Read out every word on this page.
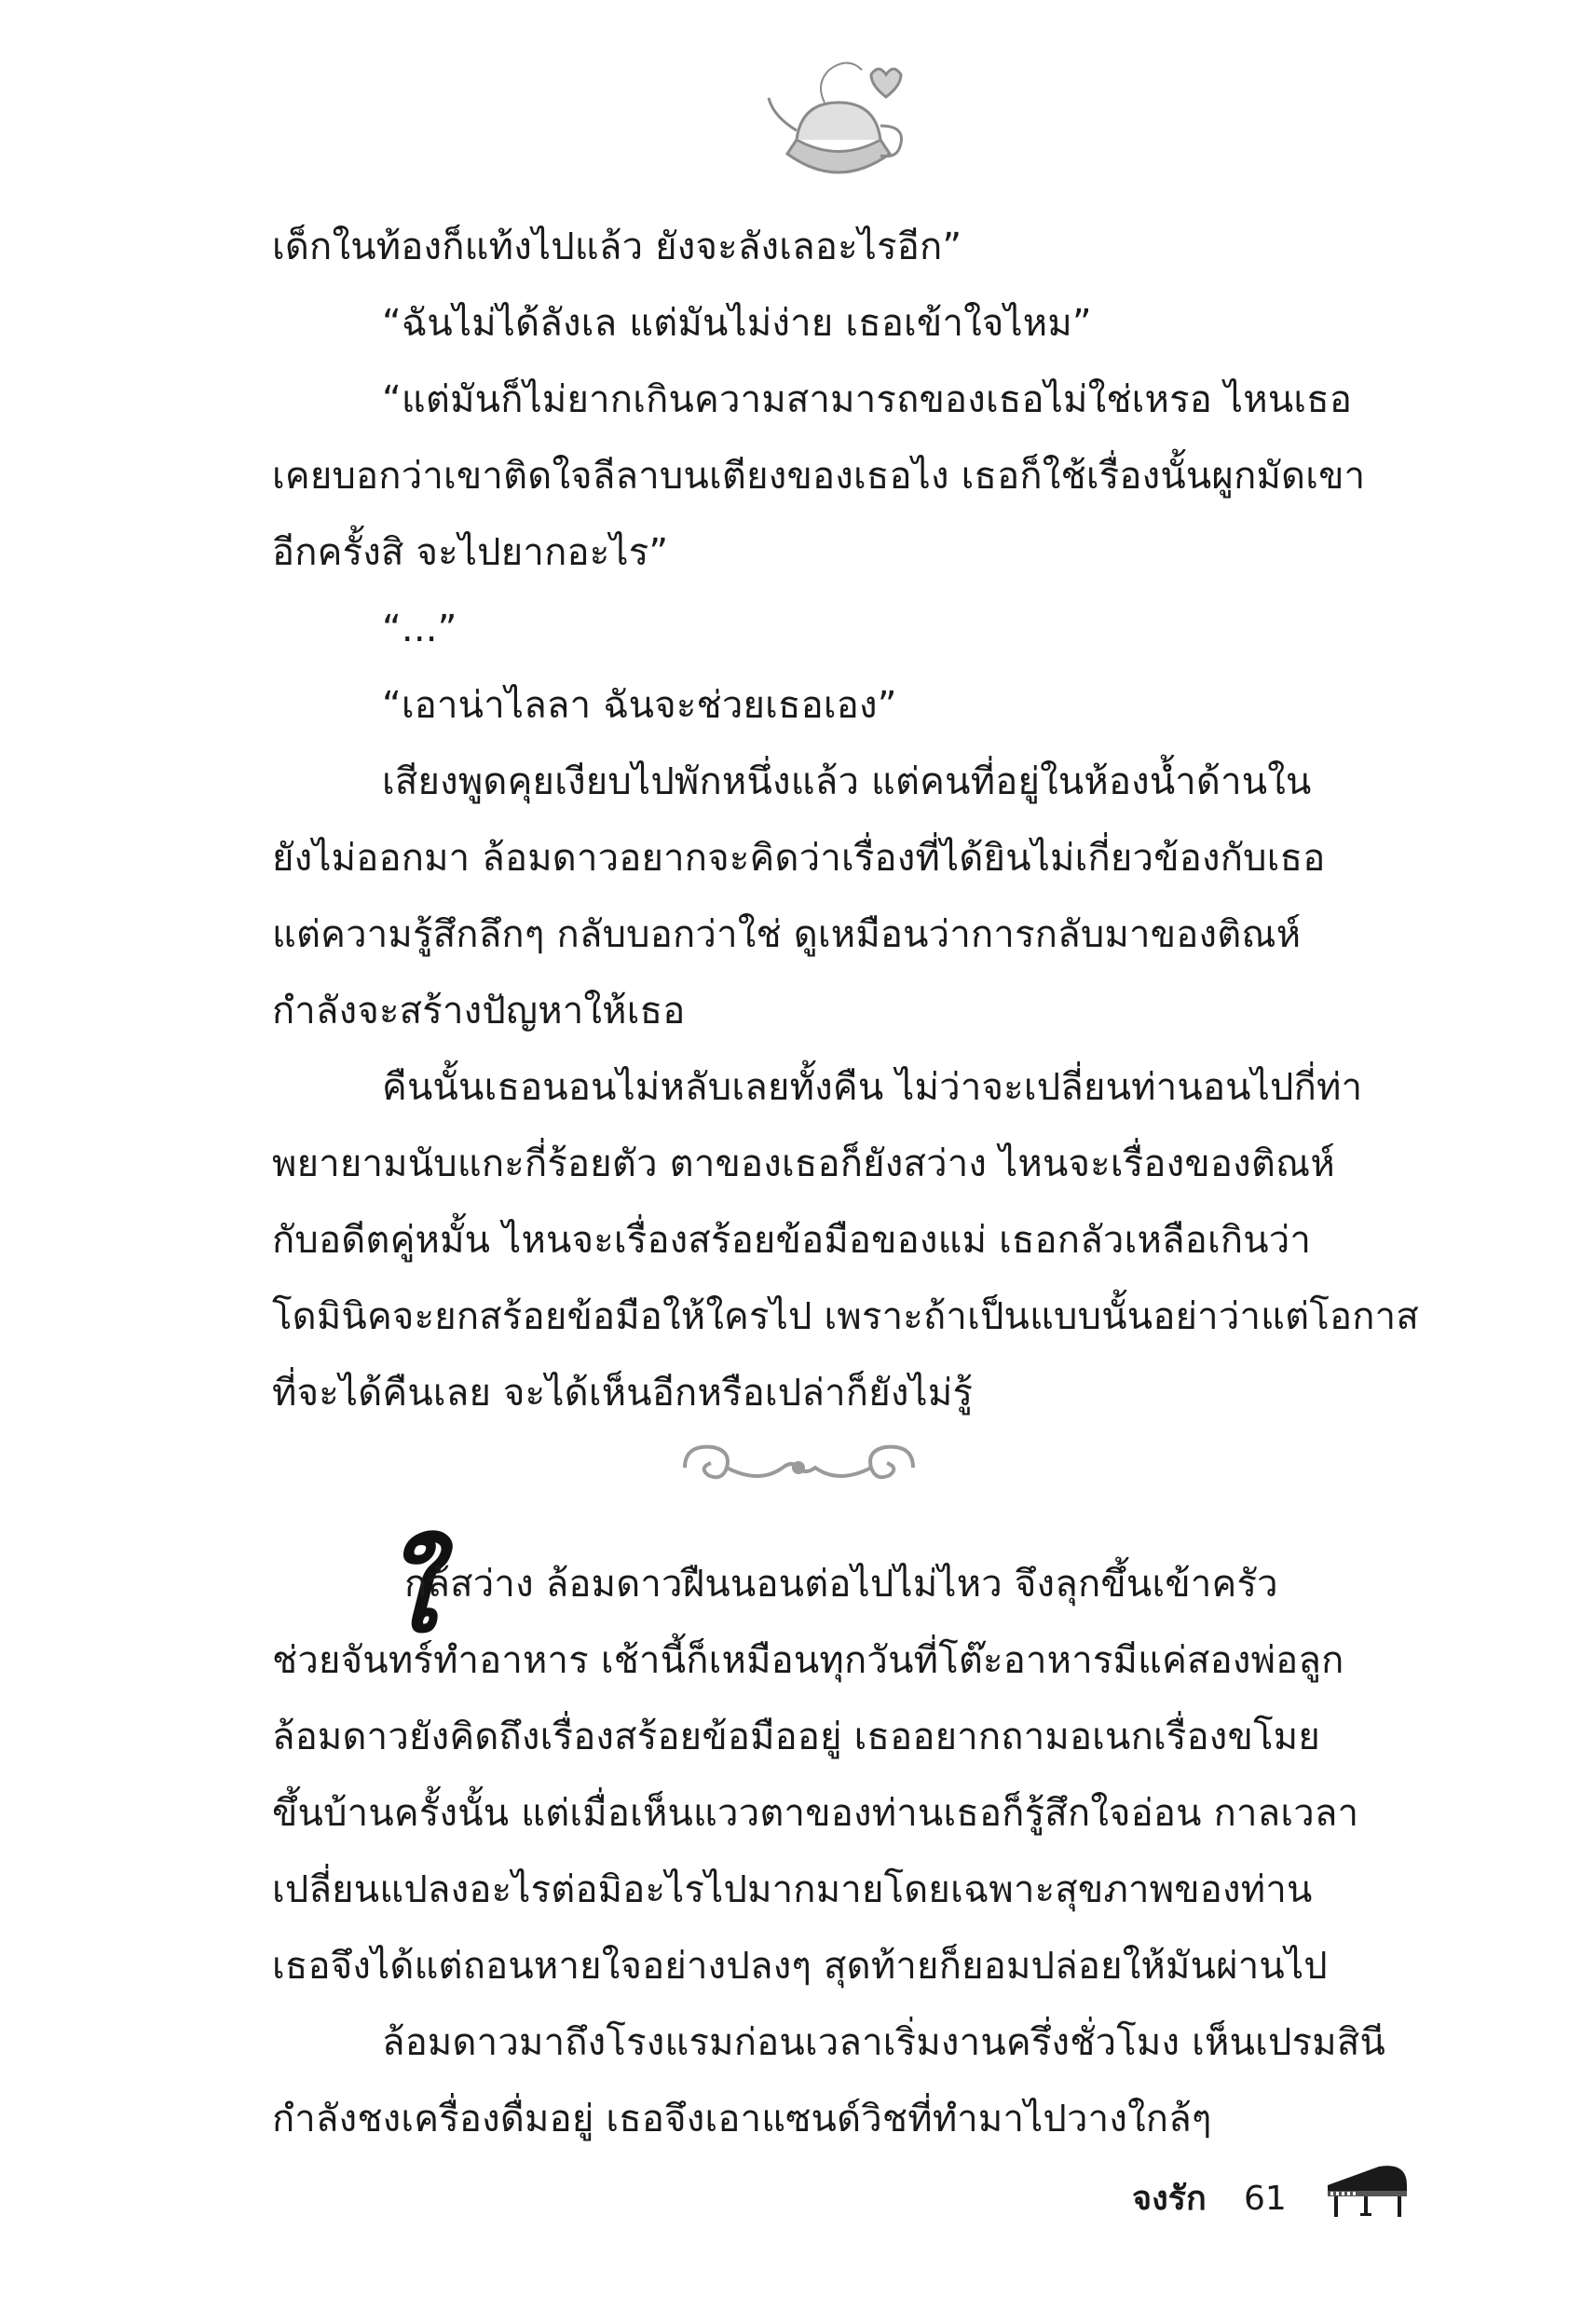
เด็กในท้องก็แท้งไปแล้ว ยังจะลังเลอะไรอีก”
“ฉันไม่ได้ลังเล แต่มันไม่ง่าย เธอเข้าใจไหม”
“แต่มันก็ไม่ยากเกินความสามารถของเธอไม่ใช่เหรอ ไหนเธอ
เคยบอกว่าเขาติดใจลีลาบนเตียงของเธอไง เธอก็ใช้เรื่องนั้นผูกมัดเขา
อีกครั้งสิ จะไปยากอะไร”
“...”
“เอาน่าไลลา ฉันจะช่วยเธอเอง”
เสียงพูดคุยเงียบไปพักหนึ่งแล้ว แต่คนที่อยู่ในห้องน้ำด้านใน
ยังไม่ออกมา ล้อมดาวอยากจะคิดว่าเรื่องที่ได้ยินไม่เกี่ยวข้องกับเธอ
แต่ความรู้สึกลึกๆ กลับบอกว่าใช่ ดูเหมือนว่าการกลับมาของติณห์
กำลังจะสร้างปัญหาให้เธอ
คืนนั้นเธอนอนไม่หลับเลยทั้งคืน ไม่ว่าจะเปลี่ยนท่านอนไปกี่ท่า
พยายามนับแกะกี่ร้อยตัว ตาของเธอก็ยังสว่าง ไหนจะเรื่องของติณห์
กับอดีตคู่หมั้น ไหนจะเรื่องสร้อยข้อมือของแม่ เธอกลัวเหลือเกินว่า
โดมินิคจะยกสร้อยข้อมือให้ใครไป เพราะถ้าเป็นแบบนั้นอย่าว่าแต่โอกาส
ที่จะได้คืนเลย จะได้เห็นอีกหรือเปล่าก็ยังไม่รู้
ใ
กล้สว่าง ล้อมดาวฝืนนอนต่อไปไม่ไหว จึงลุกขึ้นเข้าครัว
ช่วยจันทร์ทำอาหาร เช้านี้ก็เหมือนทุกวันที่โต๊ะอาหารมีแค่สองพ่อลูก
ล้อมดาวยังคิดถึงเรื่องสร้อยข้อมืออยู่ เธออยากถามอเนกเรื่องขโมย
ขึ้นบ้านครั้งนั้น แต่เมื่อเห็นแววตาของท่านเธอก็รู้สึกใจอ่อน กาลเวลา
เปลี่ยนแปลงอะไรต่อมิอะไรไปมากมายโดยเฉพาะสุขภาพของท่าน
เธอจึงได้แต่ถอนหายใจอย่างปลงๆ สุดท้ายก็ยอมปล่อยให้มันผ่านไป
ล้อมดาวมาถึงโรงแรมก่อนเวลาเริ่มงานครึ่งชั่วโมง เห็นเปรมสินี
กำลังชงเครื่องดื่มอยู่ เธอจึงเอาแซนด์วิชที่ทำมาไปวางใกล้ๆ
จงรัก 61
